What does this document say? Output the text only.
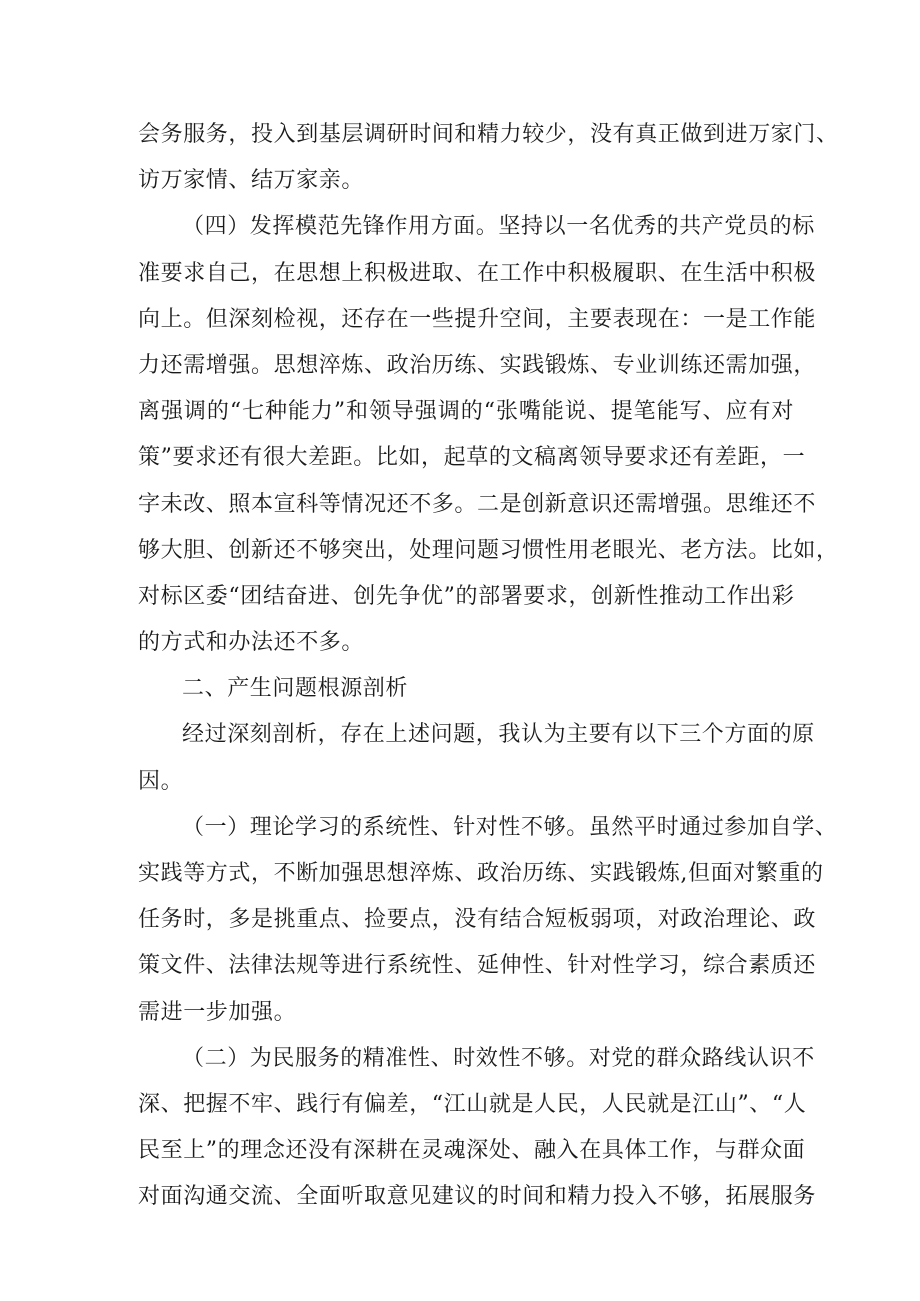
会务服务，投入到基层调研时间和精力较少，没有真正做到进万家门、
访万家情、结万家亲。
（四）发挥模范先锋作用方面。坚持以一名优秀的共产党员的标
准要求自己，在思想上积极进取、在工作中积极履职、在生活中积极
向上。但深刻检视，还存在一些提升空间，主要表现在：一是工作能
力还需增强。思想淬炼、政治历练、实践锻炼、专业训练还需加强，
离强调的“七种能力”和领导强调的“张嘴能说、提笔能写、应有对
策”要求还有很大差距。比如，起草的文稿离领导要求还有差距，一
字未改、照本宣科等情况还不多。二是创新意识还需增强。思维还不
够大胆、创新还不够突出，处理问题习惯性用老眼光、老方法。比如，
对标区委“团结奋进、创先争优”的部署要求，创新性推动工作出彩
的方式和办法还不多。
二、产生问题根源剖析
经过深刻剖析，存在上述问题，我认为主要有以下三个方面的原
因。
（一）理论学习的系统性、针对性不够。虽然平时通过参加自学、
实践等方式，不断加强思想淬炼、政治历练、实践锻炼,但面对繁重的
任务时，多是挑重点、捡要点，没有结合短板弱项，对政治理论、政
策文件、法律法规等进行系统性、延伸性、针对性学习，综合素质还
需进一步加强。
（二）为民服务的精准性、时效性不够。对党的群众路线认识不
深、把握不牢、践行有偏差，“江山就是人民，人民就是江山”、“人
民至上”的理念还没有深耕在灵魂深处、融入在具体工作，与群众面
对面沟通交流、全面听取意见建议的时间和精力投入不够，拓展服务
